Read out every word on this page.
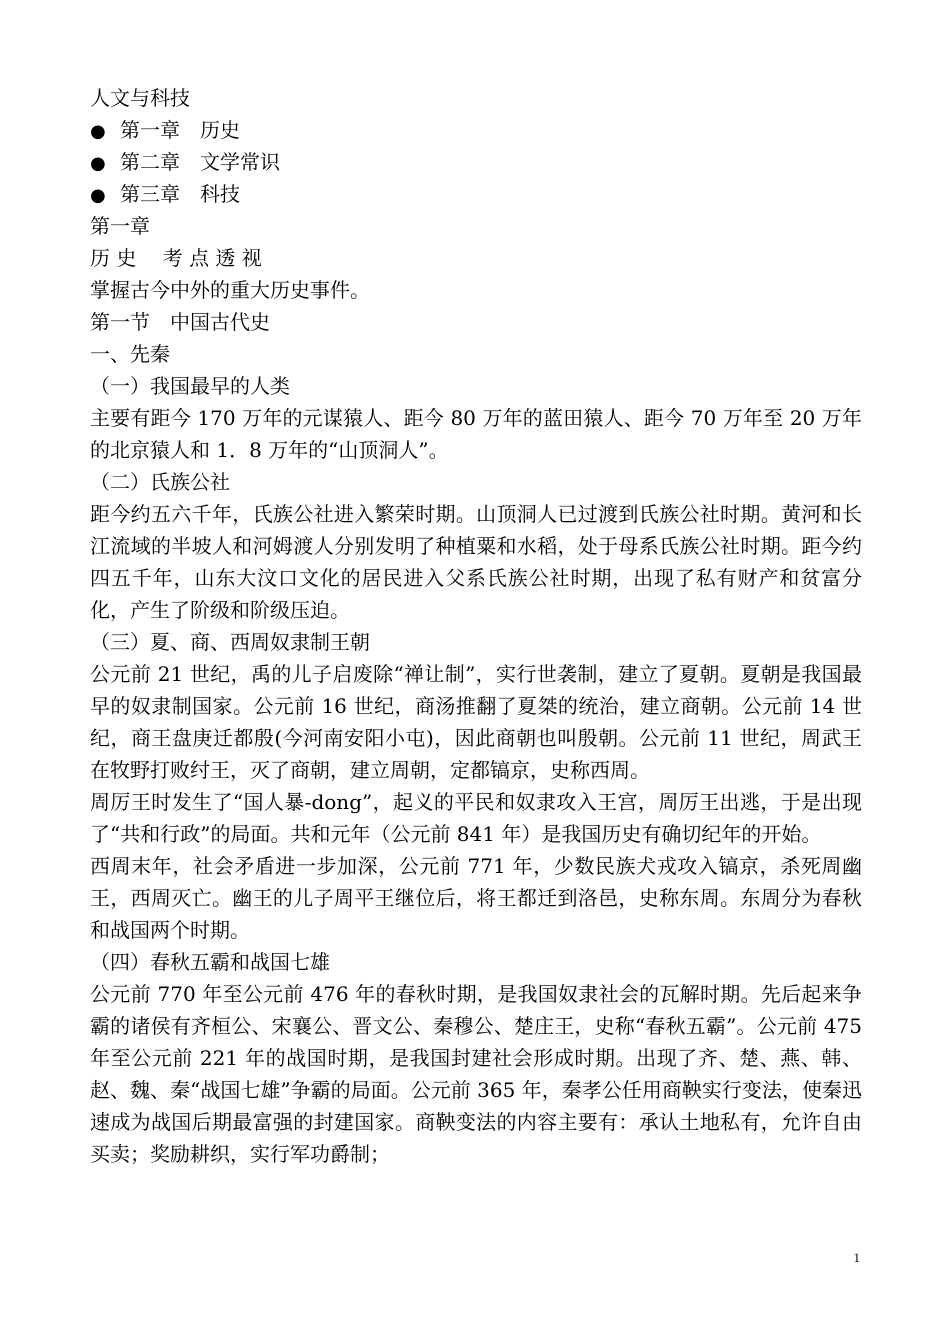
人文与科技
● 第一章　历史
● 第二章　文学常识
● 第三章　科技
第一章
历 史　 考 点 透 视
掌握古今中外的重大历史事件。
第一节　中国古代史
一、先秦
（一）我国最早的人类

主要有距今 170 万年的元谋猿人、距今 80 万年的蓝田猿人、距今 70 万年至 20 万年的北京猿人和 1．8 万年的“山顶洞人”。

（二）氏族公社

距今约五六千年，氏族公社进入繁荣时期。山顶洞人已过渡到氏族公社时期。黄河和长江流域的半坡人和河姆渡人分别发明了种植粟和水稻，处于母系氏族公社时期。距今约四五千年，山东大汶口文化的居民进入父系氏族公社时期，出现了私有财产和贫富分化，产生了阶级和阶级压迫。

（三）夏、商、西周奴隶制王朝

公元前 21 世纪，禹的儿子启废除“禅让制”，实行世袭制，建立了夏朝。夏朝是我国最早的奴隶制国家。公元前 16 世纪，商汤推翻了夏桀的统治，建立商朝。公元前 14 世纪，商王盘庚迁都殷(今河南安阳小屯)，因此商朝也叫殷朝。公元前 11 世纪，周武王在牧野打败纣王，灭了商朝，建立周朝，定都镐京，史称西周。

周厉王时发生了“国人暴-dong”，起义的平民和奴隶攻入王宫，周厉王出逃，于是出现了“共和行政”的局面。共和元年（公元前 841 年）是我国历史有确切纪年的开始。

西周末年，社会矛盾进一步加深，公元前 771 年，少数民族犬戎攻入镐京，杀死周幽王，西周灭亡。幽王的儿子周平王继位后，将王都迁到洛邑，史称东周。东周分为春秋和战国两个时期。

（四）春秋五霸和战国七雄

公元前 770 年至公元前 476 年的春秋时期，是我国奴隶社会的瓦解时期。先后起来争霸的诸侯有齐桓公、宋襄公、晋文公、秦穆公、楚庄王，史称“春秋五霸”。公元前 475 年至公元前 221 年的战国时期，是我国封建社会形成时期。出现了齐、楚、燕、韩、赵、魏、秦“战国七雄”争霸的局面。公元前 365 年，秦孝公任用商鞅实行变法，使秦迅速成为战国后期最富强的封建国家。商鞅变法的内容主要有：承认土地私有，允许自由买卖；奖励耕织，实行军功爵制；

1
